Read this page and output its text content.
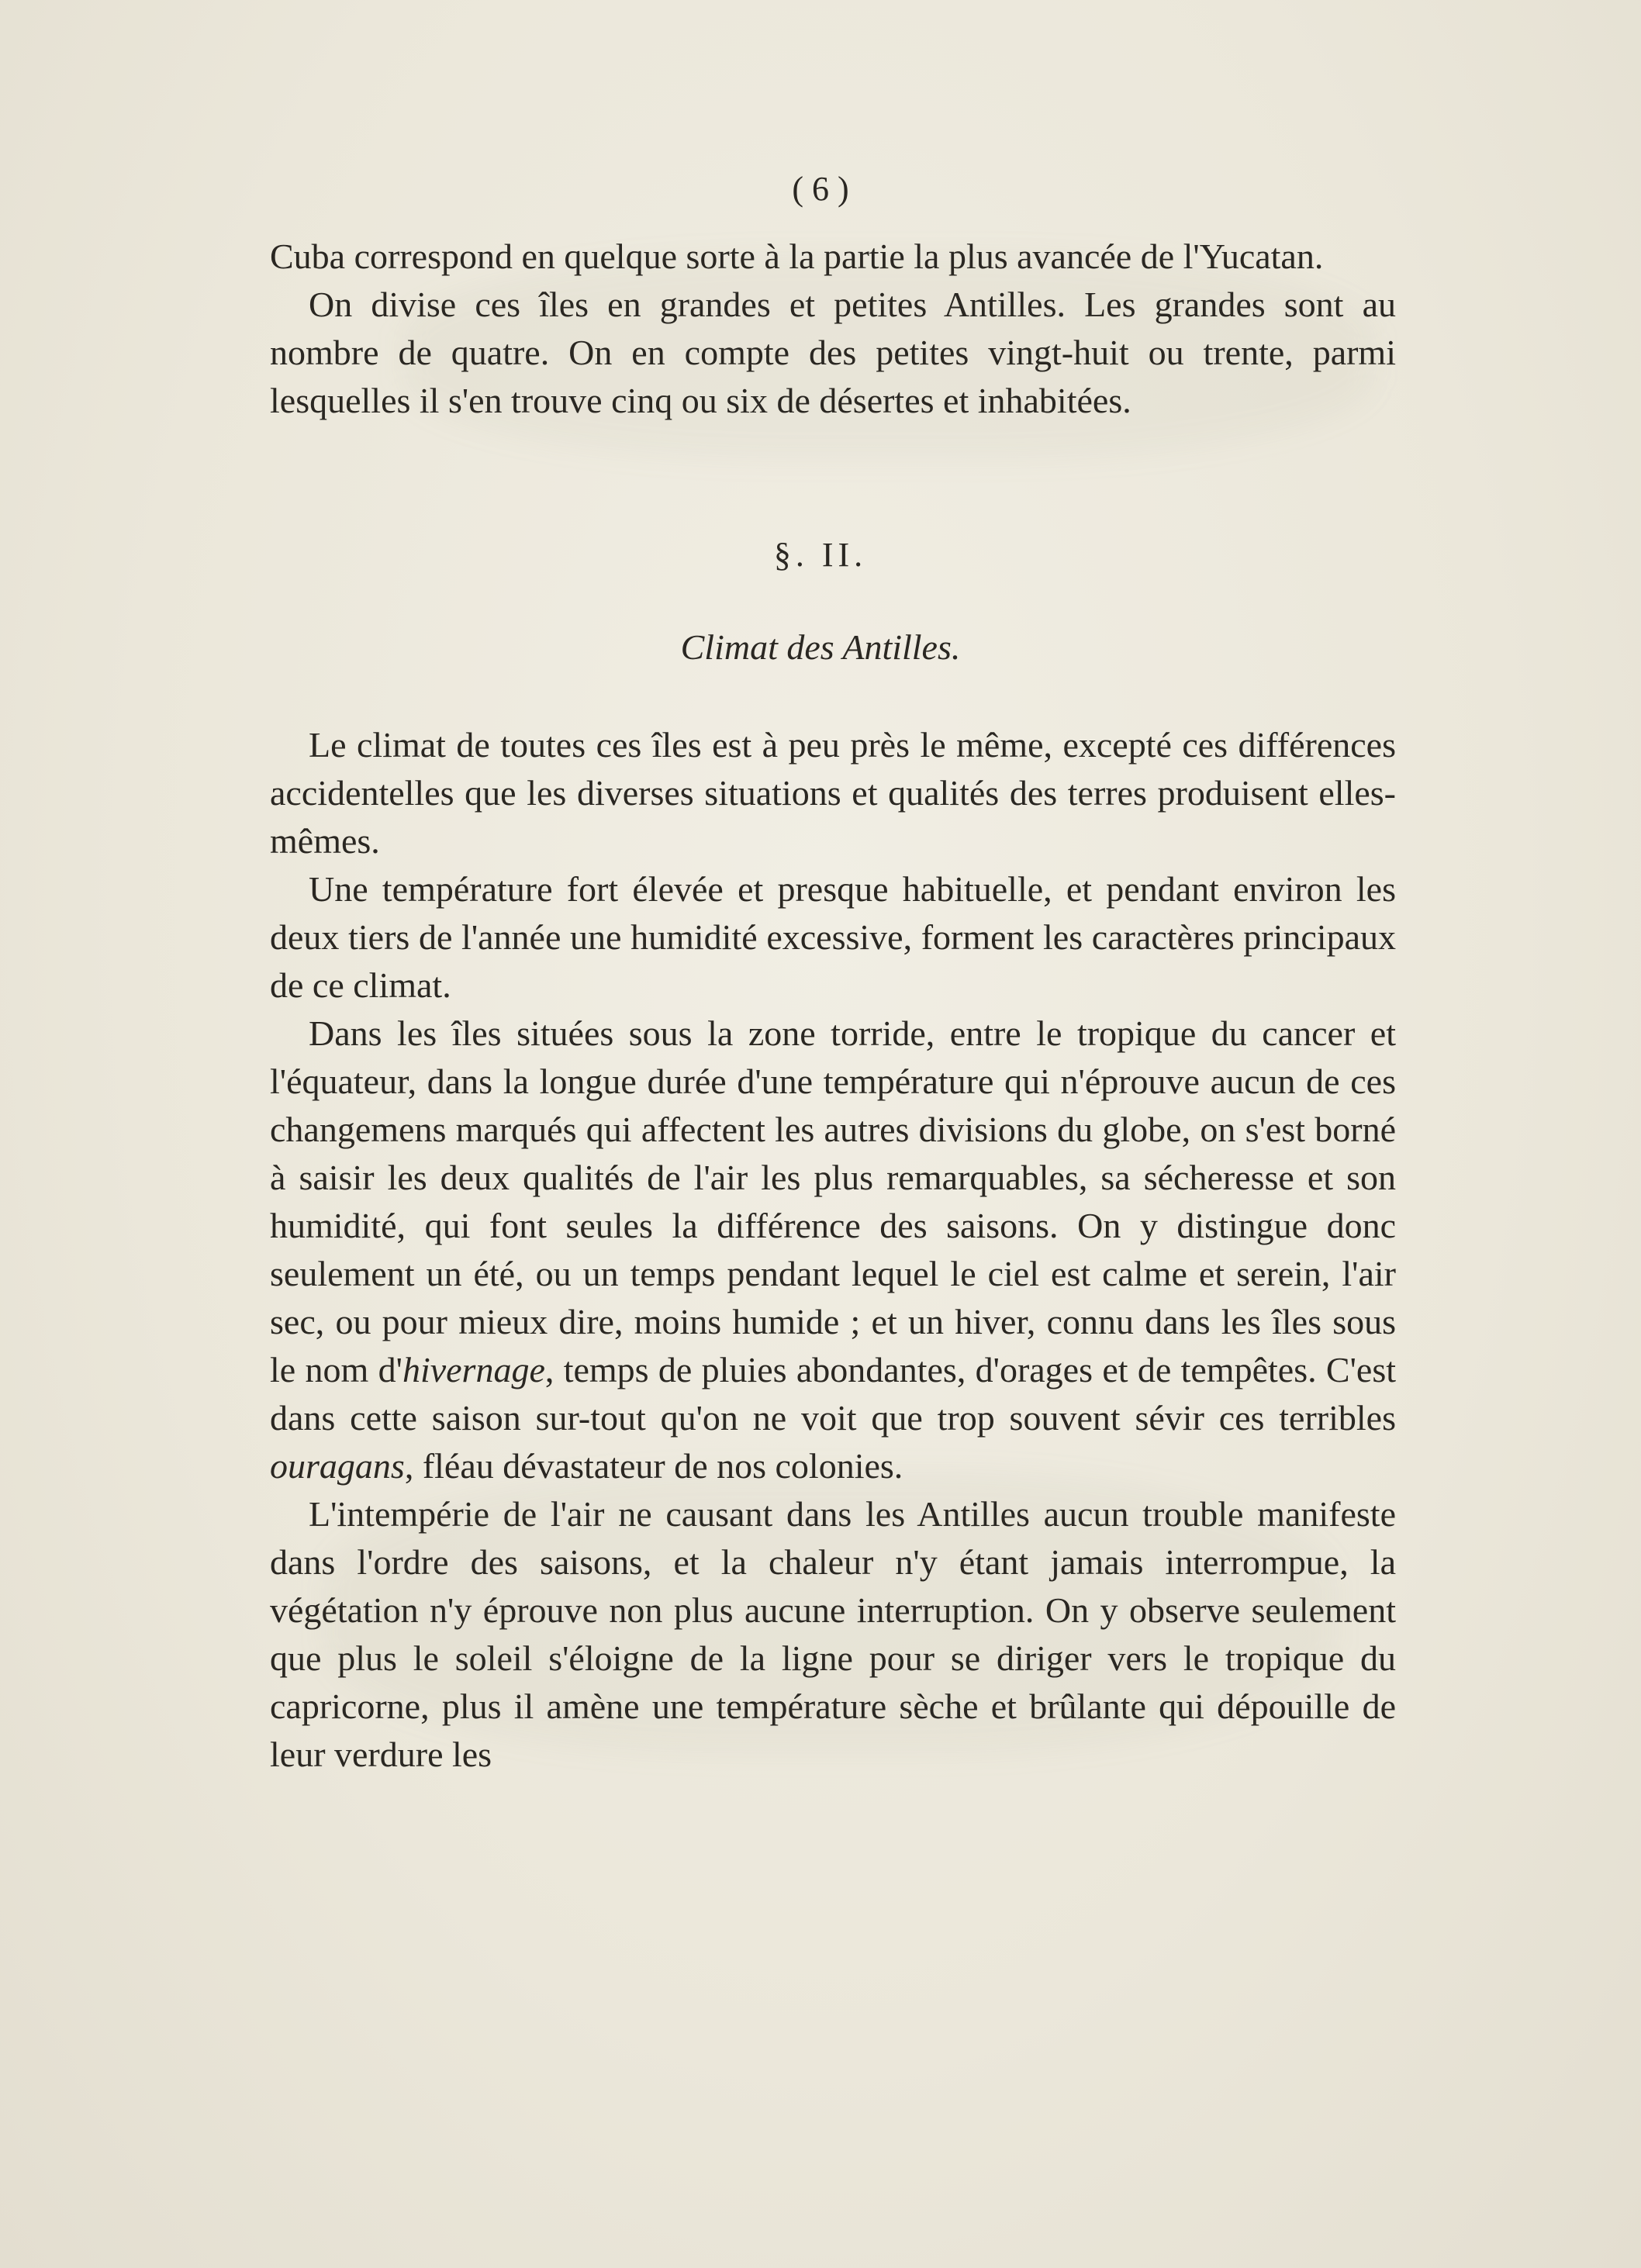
( 6 )

Cuba correspond en quelque sorte à la partie la plus avancée de l'Yucatan.

On divise ces îles en grandes et petites Antilles. Les grandes sont au nombre de quatre. On en compte des petites vingt-huit ou trente, parmi lesquelles il s'en trouve cinq ou six de désertes et inhabitées.

§. II.
Climat des Antilles.

Le climat de toutes ces îles est à peu près le même, excepté ces différences accidentelles que les diverses situations et qualités des terres produisent elles-mêmes.

Une température fort élevée et presque habituelle, et pendant environ les deux tiers de l'année une humidité excessive, forment les caractères principaux de ce climat.

Dans les îles situées sous la zone torride, entre le tropique du cancer et l'équateur, dans la longue durée d'une température qui n'éprouve aucun de ces changemens marqués qui affectent les autres divisions du globe, on s'est borné à saisir les deux qualités de l'air les plus remarquables, sa sécheresse et son humidité, qui font seules la différence des saisons. On y distingue donc seulement un été, ou un temps pendant lequel le ciel est calme et serein, l'air sec, ou pour mieux dire, moins humide ; et un hiver, connu dans les îles sous le nom d'hivernage, temps de pluies abondantes, d'orages et de tempêtes. C'est dans cette saison sur-tout qu'on ne voit que trop souvent sévir ces terribles ouragans, fléau dévastateur de nos colonies.

L'intempérie de l'air ne causant dans les Antilles aucun trouble manifeste dans l'ordre des saisons, et la chaleur n'y étant jamais interrompue, la végétation n'y éprouve non plus aucune interruption. On y observe seulement que plus le soleil s'éloigne de la ligne pour se diriger vers le tropique du capricorne, plus il amène une température sèche et brûlante qui dépouille de leur verdure les
